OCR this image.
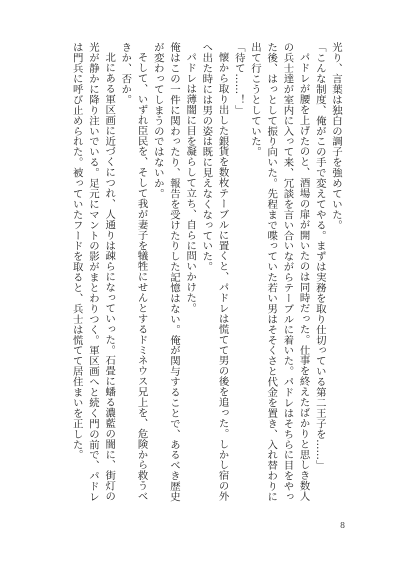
光り、言葉は独白の調子を強めていた。

「こんな制度、俺がこの手で変えてやる。まずは実務を取り仕切っている第二王子を……」

パドレが腰を上げたのと、酒場の扉が開いたのは同時だった。仕事を終えたばかりと思しき数人の兵士達が室内に入って来、冗談を言い合いながらテーブルに着いた。パドレはそちらに目をやった後、はっとして振り向いた。先程まで喋っていた若い男はそそくさと代金を置き、入れ替わりに出て行こうとしていた。

「待て……！」

懐から取り出した銀貨を数枚テーブルに置くと、パドレは慌てて男の後を追った。しかし宿の外へ出た時には男の姿は既に見えなくなっていた。

パドレは薄闇に目を凝らして立ち、自らに問いかけた。

俺はこの一件に関わったり、報告を受けたりした記憶はない。俺が関与することで、あるべき歴史が変わってしまうのではないか。

そして、いずれ臣民を、そして我が妻子を犠牲にせんとするドミネウス兄上を、危険から救うべきか、否か。

北にある軍区画に近づくにつれ、人通りは疎らになっていった。石畳に蟠る濃藍の闇に、街灯の光が静かに降り注いでいる。足元にマントの影がまとわりつく。軍区画へと続く門の前で、パドレは門兵に呼び止められた。被っていたフードを取ると、兵士は慌てて居住まいを正した。

8
